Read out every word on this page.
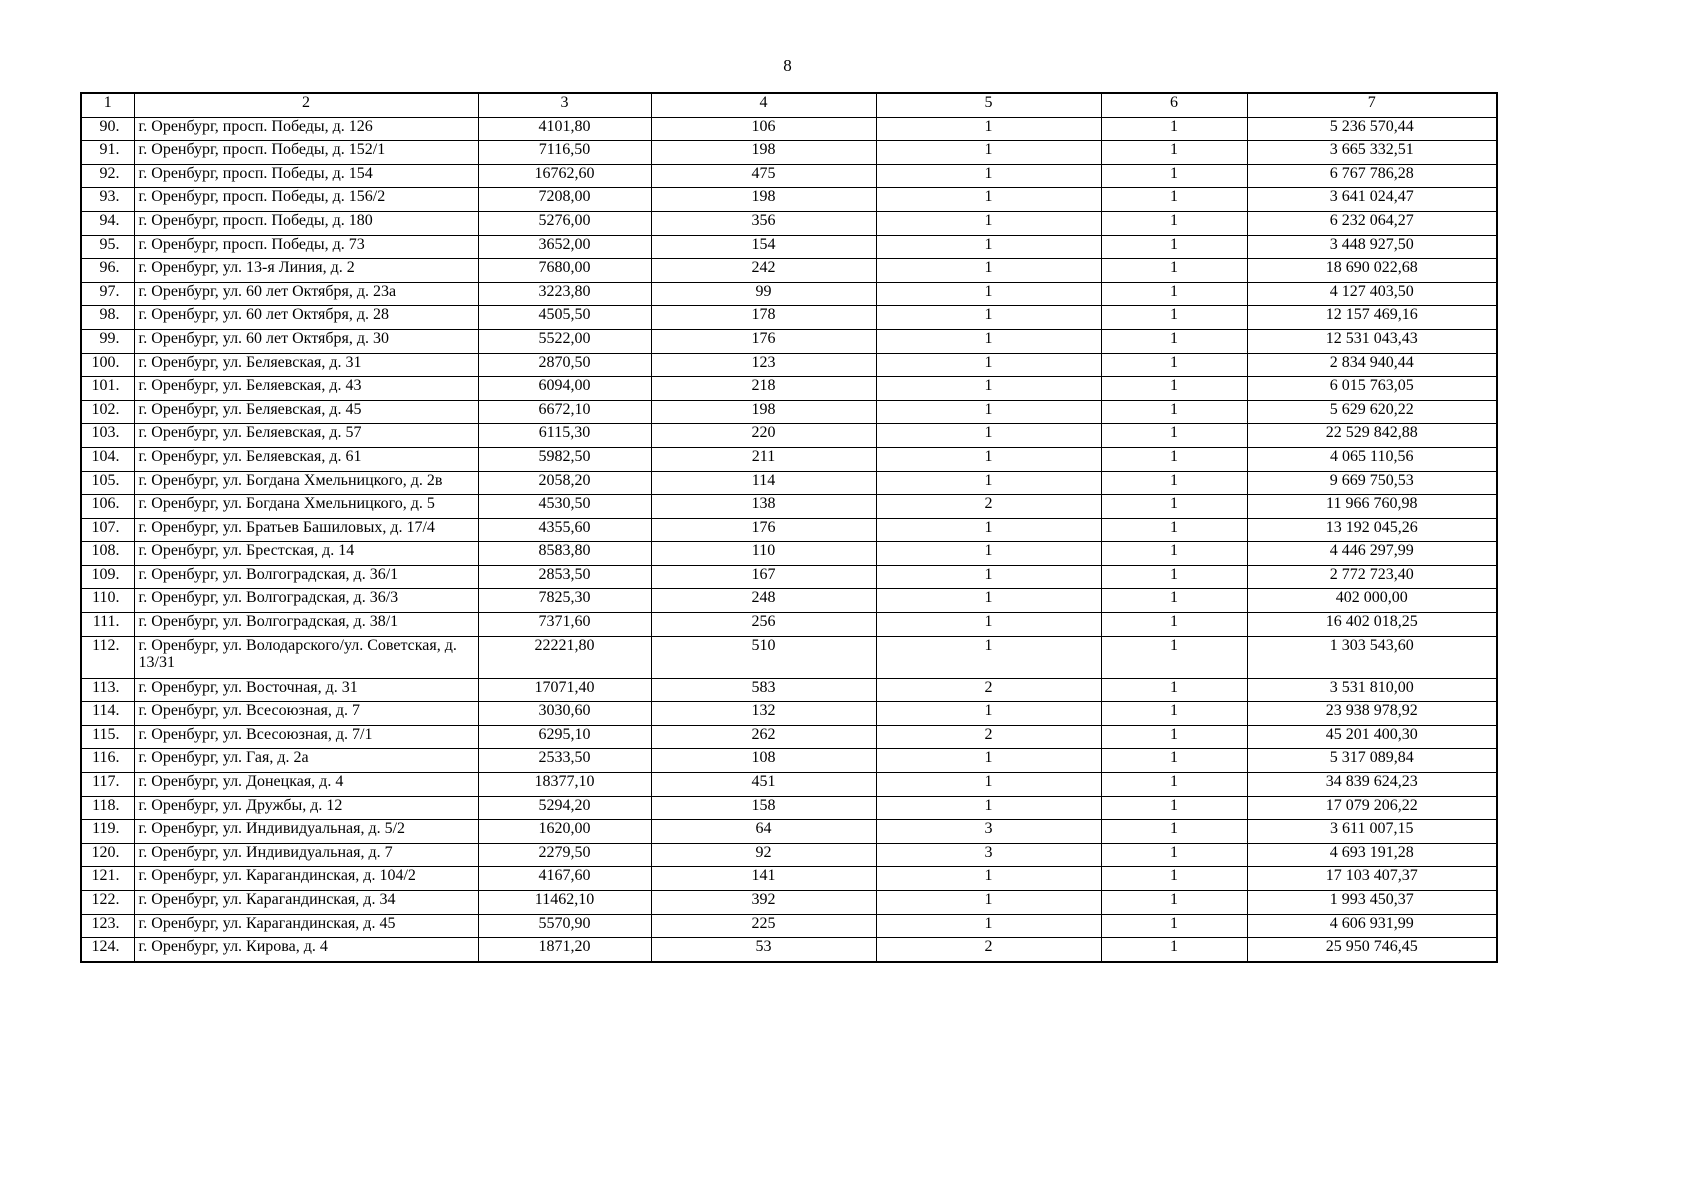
8
1	2	3	4	5	6	7
90.	г. Оренбург, просп. Победы, д. 126	4101,80	106	1	1	5 236 570,44
91.	г. Оренбург, просп. Победы, д. 152/1	7116,50	198	1	1	3 665 332,51
92.	г. Оренбург, просп. Победы, д. 154	16762,60	475	1	1	6 767 786,28
93.	г. Оренбург, просп. Победы, д. 156/2	7208,00	198	1	1	3 641 024,47
94.	г. Оренбург, просп. Победы, д. 180	5276,00	356	1	1	6 232 064,27
95.	г. Оренбург, просп. Победы, д. 73	3652,00	154	1	1	3 448 927,50
96.	г. Оренбург, ул. 13-я Линия, д. 2	7680,00	242	1	1	18 690 022,68
97.	г. Оренбург, ул. 60 лет Октября, д. 23а	3223,80	99	1	1	4 127 403,50
98.	г. Оренбург, ул. 60 лет Октября, д. 28	4505,50	178	1	1	12 157 469,16
99.	г. Оренбург, ул. 60 лет Октября, д. 30	5522,00	176	1	1	12 531 043,43
100.	г. Оренбург, ул. Беляевская, д. 31	2870,50	123	1	1	2 834 940,44
101.	г. Оренбург, ул. Беляевская, д. 43	6094,00	218	1	1	6 015 763,05
102.	г. Оренбург, ул. Беляевская, д. 45	6672,10	198	1	1	5 629 620,22
103.	г. Оренбург, ул. Беляевская, д. 57	6115,30	220	1	1	22 529 842,88
104.	г. Оренбург, ул. Беляевская, д. 61	5982,50	211	1	1	4 065 110,56
105.	г. Оренбург, ул. Богдана Хмельницкого, д. 2в	2058,20	114	1	1	9 669 750,53
106.	г. Оренбург, ул. Богдана Хмельницкого, д. 5	4530,50	138	2	1	11 966 760,98
107.	г. Оренбург, ул. Братьев Башиловых, д. 17/4	4355,60	176	1	1	13 192 045,26
108.	г. Оренбург, ул. Брестская, д. 14	8583,80	110	1	1	4 446 297,99
109.	г. Оренбург, ул. Волгоградская, д. 36/1	2853,50	167	1	1	2 772 723,40
110.	г. Оренбург, ул. Волгоградская, д. 36/3	7825,30	248	1	1	402 000,00
111.	г. Оренбург, ул. Волгоградская, д. 38/1	7371,60	256	1	1	16 402 018,25
112.	г. Оренбург, ул. Володарского/ул. Советская, д. 13/31	22221,80	510	1	1	1 303 543,60
113.	г. Оренбург, ул. Восточная, д. 31	17071,40	583	2	1	3 531 810,00
114.	г. Оренбург, ул. Всесоюзная, д. 7	3030,60	132	1	1	23 938 978,92
115.	г. Оренбург, ул. Всесоюзная, д. 7/1	6295,10	262	2	1	45 201 400,30
116.	г. Оренбург, ул. Гая, д. 2а	2533,50	108	1	1	5 317 089,84
117.	г. Оренбург, ул. Донецкая, д. 4	18377,10	451	1	1	34 839 624,23
118.	г. Оренбург, ул. Дружбы, д. 12	5294,20	158	1	1	17 079 206,22
119.	г. Оренбург, ул. Индивидуальная, д. 5/2	1620,00	64	3	1	3 611 007,15
120.	г. Оренбург, ул. Индивидуальная, д. 7	2279,50	92	3	1	4 693 191,28
121.	г. Оренбург, ул. Карагандинская, д. 104/2	4167,60	141	1	1	17 103 407,37
122.	г. Оренбург, ул. Карагандинская, д. 34	11462,10	392	1	1	1 993 450,37
123.	г. Оренбург, ул. Карагандинская, д. 45	5570,90	225	1	1	4 606 931,99
124.	г. Оренбург, ул. Кирова, д. 4	1871,20	53	2	1	25 950 746,45
